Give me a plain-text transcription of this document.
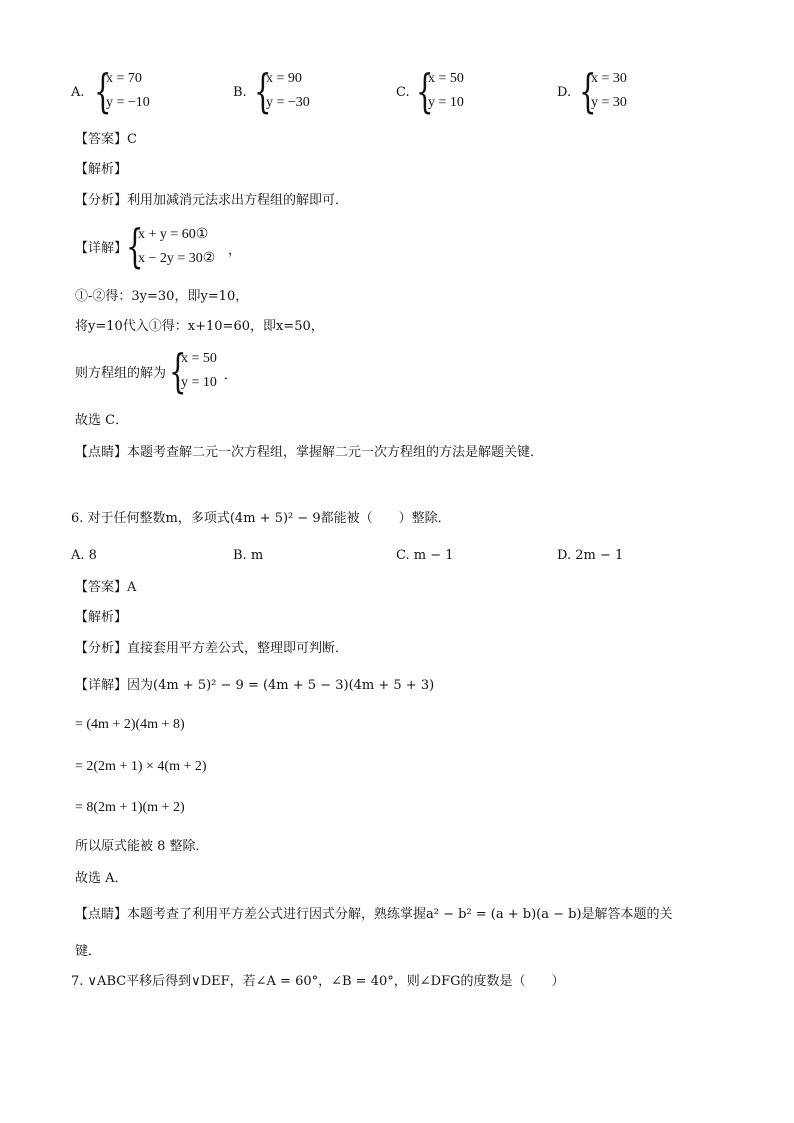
A. {
x = 70
y = −10
B. {
x = 90
y = −30
C. {
x = 50
y = 10
D. {
x = 30
y = 30
【答案】C
【解析】
【分析】利用加减消元法求出方程组的解即可．
【详解】
{
x + y = 60①
x − 2y = 30②
，
①-②得：3y=30，即y=10，
将y=10代入①得：x+10=60，即x=50，
则方程组的解为 {
x = 50
y = 10 ．
故选 C．
【点睛】本题考查解二元一次方程组，掌握解二元一次方程组的方法是解题关键．
6. 对于任何整数m，多项式(4m + 5)² − 9都能被（　　）整除．
A. 8	B. m	C. m − 1	D. 2m − 1
【答案】A
【解析】
【分析】直接套用平方差公式，整理即可判断．
【详解】因为(4m + 5)² − 9 = (4m + 5 − 3)(4m + 5 + 3)
= (4m + 2)(4m + 8)
= 2(2m + 1) × 4(m + 2)
= 8(2m + 1)(m + 2)
所以原式能被 8 整除．
故选 A．
【点睛】本题考查了利用平方差公式进行因式分解，熟练掌握a² − b² = (a + b)(a − b)是解答本题的关
键．
7. ∨ABC平移后得到∨DEF，若∠A = 60°，∠B = 40°，则∠DFG的度数是（　　）
